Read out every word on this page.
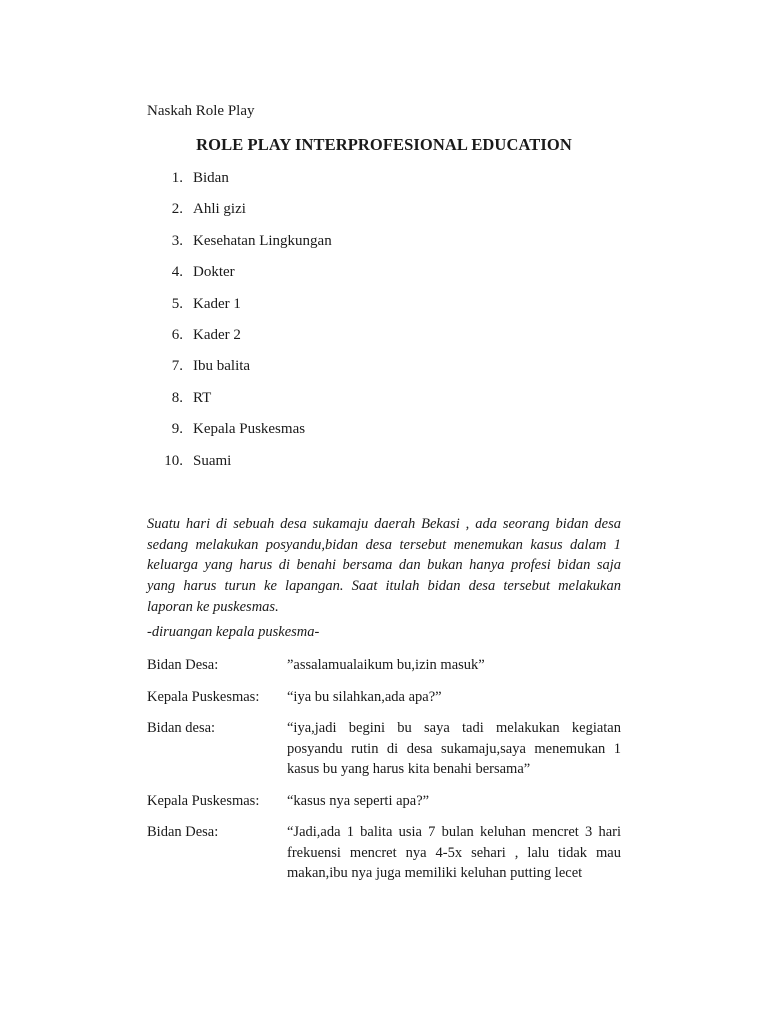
Naskah Role Play
ROLE PLAY INTERPROFESIONAL EDUCATION
1. Bidan
2. Ahli gizi
3. Kesehatan Lingkungan
4. Dokter
5. Kader 1
6. Kader 2
7. Ibu balita
8. RT
9. Kepala Puskesmas
10. Suami

Suatu hari di sebuah desa sukamaju daerah Bekasi , ada seorang bidan desa sedang melakukan posyandu,bidan desa tersebut menemukan kasus dalam 1 keluarga yang harus di benahi bersama dan bukan hanya profesi bidan saja yang harus turun ke lapangan. Saat itulah bidan desa tersebut melakukan laporan ke puskesmas.

-diruangan kepala puskesma-
Bidan Desa:	”assalamualaikum bu,izin masuk”
Kepala Puskesmas:	“iya bu silahkan,ada apa?”
Bidan desa:	“iya,jadi begini bu saya tadi melakukan kegiatan posyandu rutin di desa sukamaju,saya menemukan 1 kasus bu yang harus kita benahi bersama”
Kepala Puskesmas:	“kasus nya seperti apa?”
Bidan Desa:	“Jadi,ada 1 balita usia 7 bulan keluhan mencret 3 hari frekuensi mencret nya 4-5x sehari , lalu tidak mau makan,ibu nya juga memiliki keluhan putting lecet
